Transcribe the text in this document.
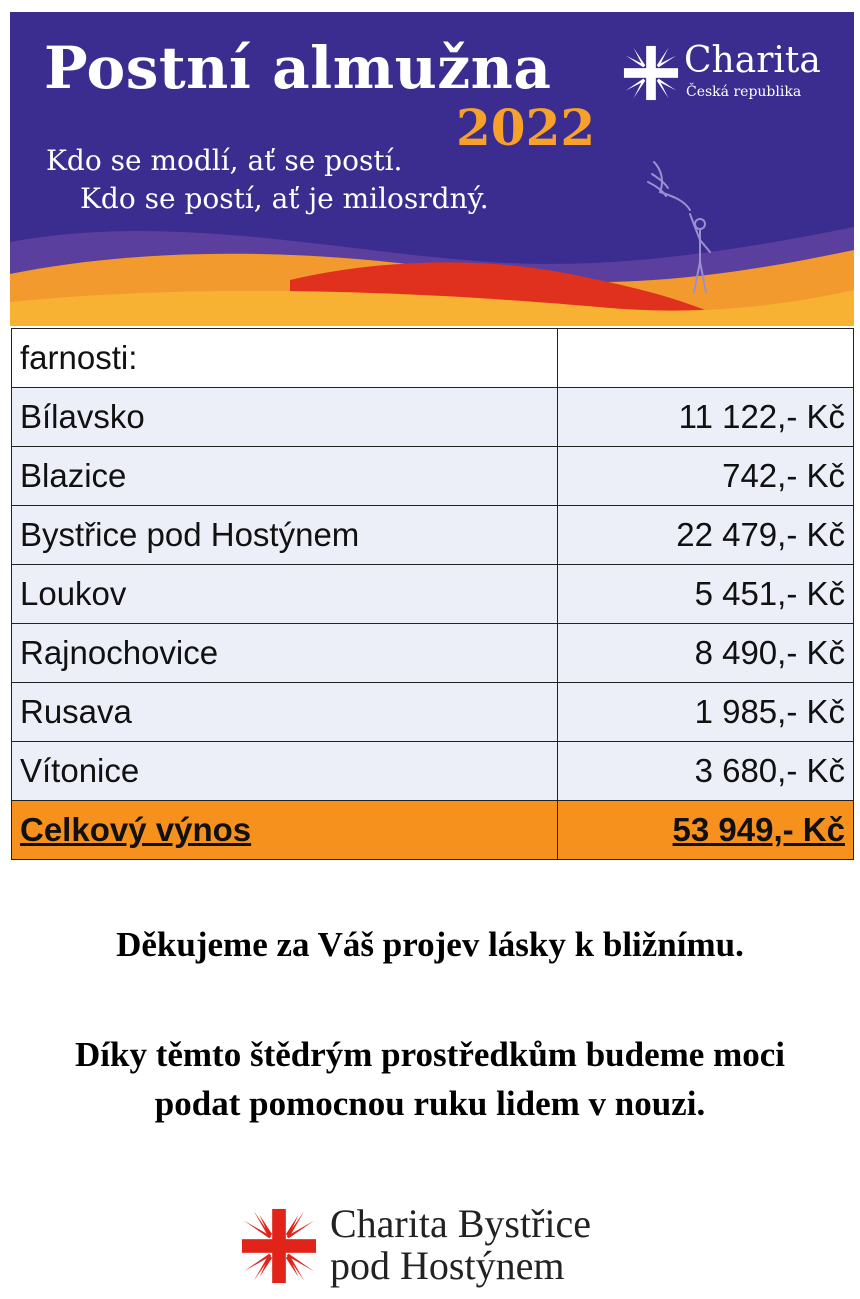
Postní almužna
2022
Kdo se modlí, ať se postí.
Kdo se postí, ať je milosrdný.
Charita
Česká republika
farnosti:	
Bílavsko	11 122,- Kč
Blazice	742,- Kč
Bystřice pod Hostýnem	22 479,- Kč
Loukov	5 451,- Kč
Rajnochovice	8 490,- Kč
Rusava	1 985,- Kč
Vítonice	3 680,- Kč
Celkový výnos	53 949,- Kč

Děkujeme za Váš projev lásky k bližnímu.

Díky těmto štědrým prostředkům budeme moci
podat pomocnou ruku lidem v nouzi.
Charita Bystřice
pod Hostýnem
